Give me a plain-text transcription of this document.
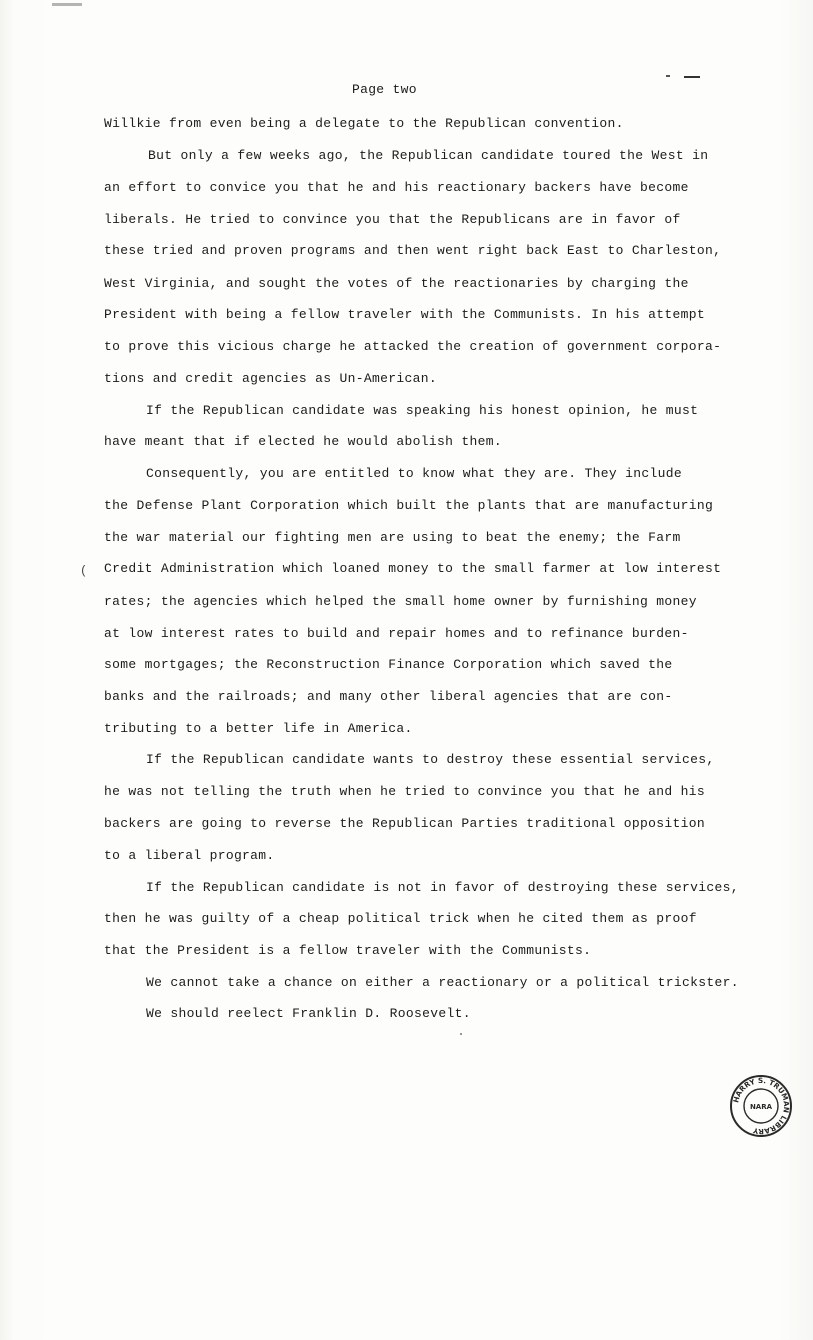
Page two
Willkie from even being a delegate to the Republican convention.
But only a few weeks ago, the Republican candidate toured the West in
an effort to convice you that he and his reactionary backers have become
liberals. He tried to convince you that the Republicans are in favor of
these tried and proven programs and then went right back East to Charleston,
West Virginia, and sought the votes of the reactionaries by charging the
President with being a fellow traveler with the Communists. In his attempt
to prove this vicious charge he attacked the creation of government corpora-
tions and credit agencies as Un-American.
If the Republican candidate was speaking his honest opinion, he must
have meant that if elected he would abolish them.
Consequently, you are entitled to know what they are. They include
the Defense Plant Corporation which built the plants that are manufacturing
the war material our fighting men are using to beat the enemy; the Farm
Credit Administration which loaned money to the small farmer at low interest
rates; the agencies which helped the small home owner by furnishing money
at low interest rates to build and repair homes and to refinance burden-
some mortgages; the Reconstruction Finance Corporation which saved the
banks and the railroads; and many other liberal agencies that are con-
tributing to a better life in America.
If the Republican candidate wants to destroy these essential services,
he was not telling the truth when he tried to convince you that he and his
backers are going to reverse the Republican Parties traditional opposition
to a liberal program.
If the Republican candidate is not in favor of destroying these services,
then he was guilty of a cheap political trick when he cited them as proof
that the President is a fellow traveler with the Communists.
We cannot take a chance on either a reactionary or a political trickster.
We should reelect Franklin D. Roosevelt.
(
HARRY S. TRUMAN LIBRARY
NARA
